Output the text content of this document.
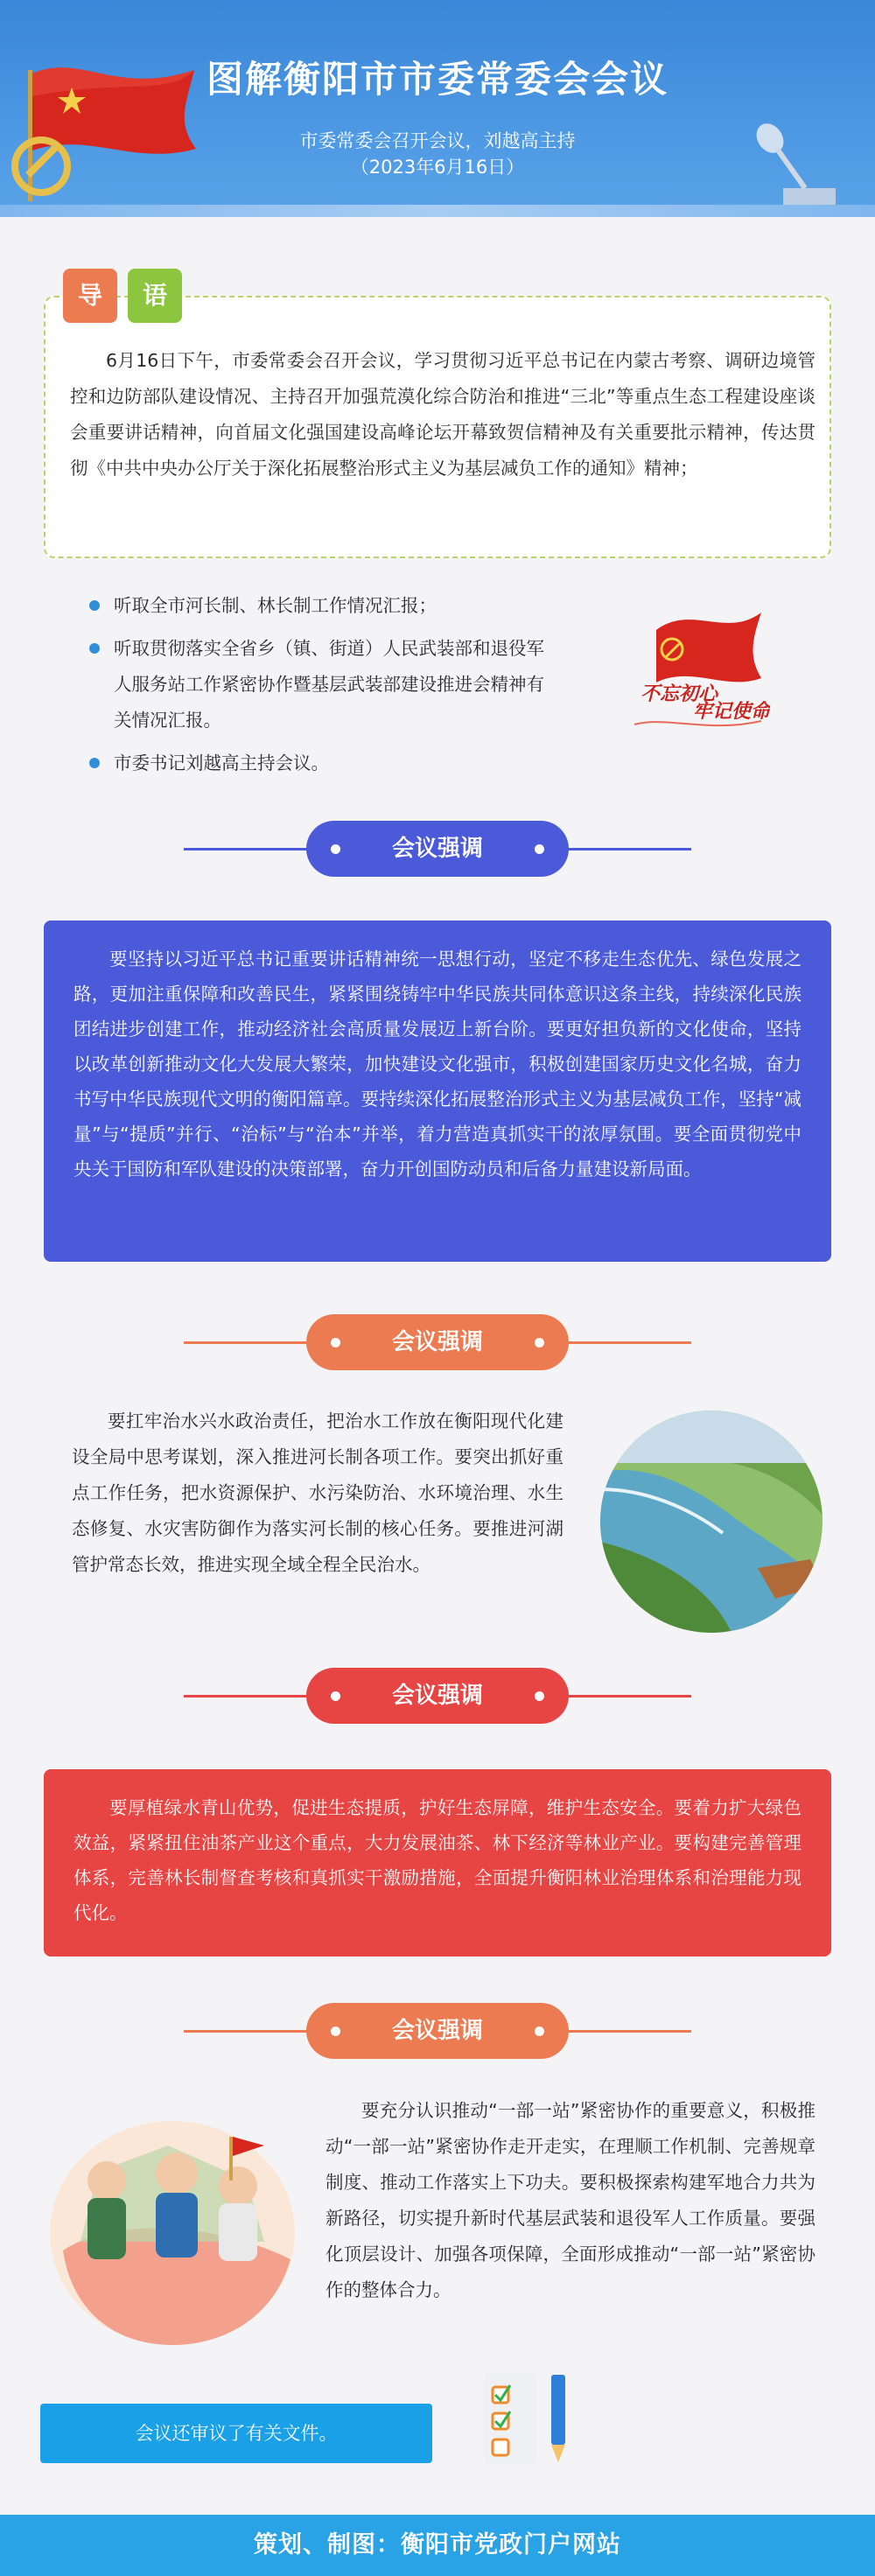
图解衡阳市市委常委会会议
市委常委会召开会议，刘越高主持
（2023年6月16日）
导	语

6月16日下午，市委常委会召开会议，学习贯彻习近平总书记在内蒙古考察、调研边境管控和边防部队建设情况、主持召开加强荒漠化综合防治和推进“三北”等重点生态工程建设座谈会重要讲话精神，向首届文化强国建设高峰论坛开幕致贺信精神及有关重要批示精神，传达贯彻《中共中央办公厅关于深化拓展整治形式主义为基层减负工作的通知》精神；

听取全市河长制、林长制工作情况汇报；
听取贯彻落实全省乡（镇、街道）人民武装部和退役军人服务站工作紧密协作暨基层武装部建设推进会精神有关情况汇报。
市委书记刘越高主持会议。
不忘初心
牢记使命
会议强调
要坚持以习近平总书记重要讲话精神统一思想行动，坚定不移走生态优先、绿色发展之路，更加注重保障和改善民生，紧紧围绕铸牢中华民族共同体意识这条主线，持续深化民族团结进步创建工作，推动经济社会高质量发展迈上新台阶。要更好担负新的文化使命，坚持以改革创新推动文化大发展大繁荣，加快建设文化强市，积极创建国家历史文化名城，奋力书写中华民族现代文明的衡阳篇章。要持续深化拓展整治形式主义为基层减负工作，坚持“减量”与“提质”并行、“治标”与“治本”并举，着力营造真抓实干的浓厚氛围。要全面贯彻党中央关于国防和军队建设的决策部署，奋力开创国防动员和后备力量建设新局面。
会议强调

要扛牢治水兴水政治责任，把治水工作放在衡阳现代化建设全局中思考谋划，深入推进河长制各项工作。要突出抓好重点工作任务，把水资源保护、水污染防治、水环境治理、水生态修复、水灾害防御作为落实河长制的核心任务。要推进河湖管护常态长效，推进实现全域全程全民治水。

会议强调
要厚植绿水青山优势，促进生态提质，护好生态屏障，维护生态安全。要着力扩大绿色效益，紧紧扭住油茶产业这个重点，大力发展油茶、林下经济等林业产业。要构建完善管理体系，完善林长制督查考核和真抓实干激励措施，全面提升衡阳林业治理体系和治理能力现代化。
会议强调

要充分认识推动“一部一站”紧密协作的重要意义，积极推动“一部一站”紧密协作走开走实，在理顺工作机制、完善规章制度、推动工作落实上下功夫。要积极探索构建军地合力共为新路径，切实提升新时代基层武装和退役军人工作质量。要强化顶层设计、加强各项保障，全面形成推动“一部一站”紧密协作的整体合力。

会议还审议了有关文件。
策划、制图：衡阳市党政门户网站
